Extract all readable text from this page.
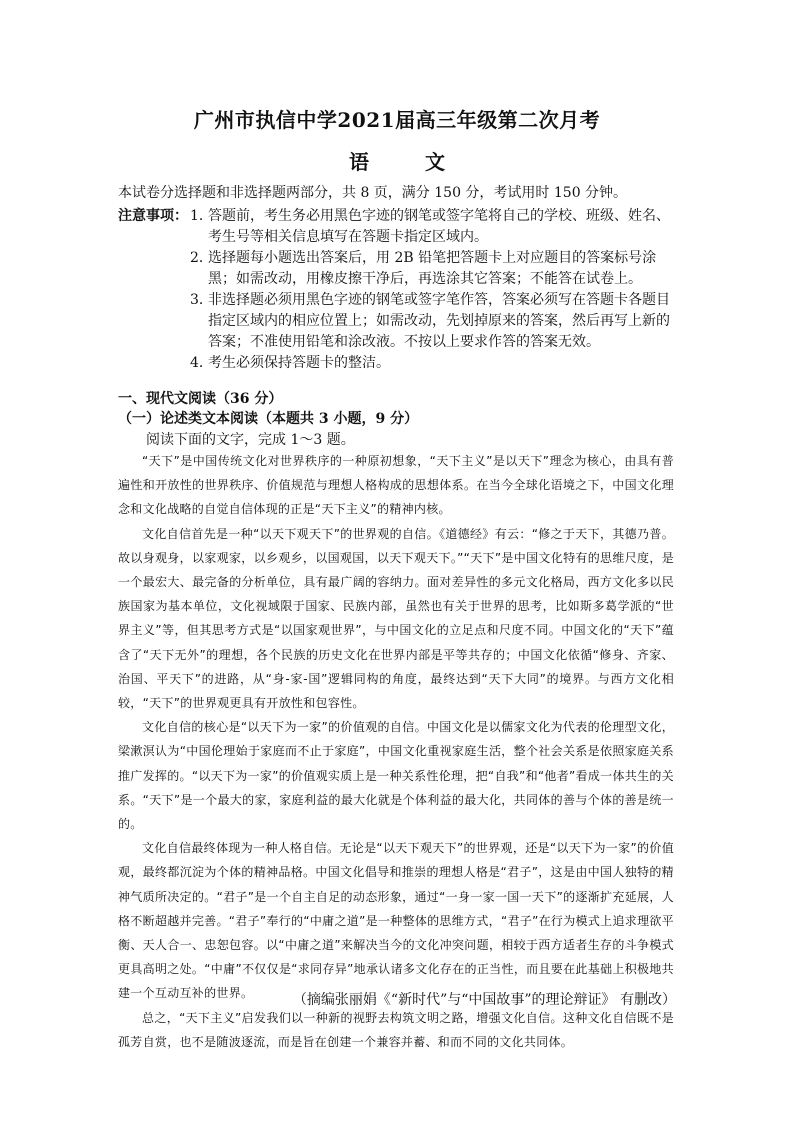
广州市执信中学2021届高三年级第二次月考
语　文
本试卷分选择题和非选择题两部分，共 8 页，满分 150 分，考试用时 150 分钟。
注意事项： 1．
答题前，考生务必用黑色字迹的钢笔或签字笔将自己的学校、班级、姓名、考生号等相关信息填写在答题卡指定区域内。
2．
选择题每小题选出答案后，用 2B 铅笔把答题卡上对应题目的答案标号涂黑；如需改动，用橡皮擦干净后，再选涂其它答案；不能答在试卷上。
3．
非选择题必须用黑色字迹的钢笔或签字笔作答，答案必须写在答题卡各题目指定区域内的相应位置上；如需改动，先划掉原来的答案，然后再写上新的答案；不准使用铅笔和涂改液。不按以上要求作答的答案无效。
4．
考生必须保持答题卡的整洁。
一、现代文阅读（36 分）
（一）论述类文本阅读（本题共 3 小题，9 分）
阅读下面的文字，完成 1～3 题。

“天下”是中国传统文化对世界秩序的一种原初想象，“天下主义”是以天下”理念为核心，由具有普遍性和开放性的世界秩序、价值规范与理想人格构成的思想体系。在当今全球化语境之下，中国文化理念和文化战略的自觉自信体现的正是“天下主义”的精神内核。

文化自信首先是一种“以天下观天下”的世界观的自信。《道德经》有云：“修之于天下，其德乃普。故以身观身，以家观家，以乡观乡，以国观国，以天下观天下。”“天下”是中国文化特有的思维尺度，是一个最宏大、最完备的分析单位，具有最广阔的容纳力。面对差异性的多元文化格局，西方文化多以民族国家为基本单位，文化视域限于国家、民族内部，虽然也有关于世界的思考，比如斯多葛学派的“世界主义”等，但其思考方式是“以国家观世界”，与中国文化的立足点和尺度不同。中国文化的“天下”蕴含了“天下无外”的理想，各个民族的历史文化在世界内部是平等共存的；中国文化依循“修身、齐家、治国、平天下”的进路，从“身-家-国”逻辑同构的角度，最终达到“天下大同”的境界。与西方文化相较，“天下”的世界观更具有开放性和包容性。

文化自信的核心是“以天下为一家”的价值观的自信。中国文化是以儒家文化为代表的伦理型文化，梁漱溟认为“中国伦理始于家庭而不止于家庭”，中国文化重视家庭生活，整个社会关系是依照家庭关系推广发挥的。“以天下为一家”的价值观实质上是一种关系性伦理，把“自我”和“他者”看成一体共生的关系。“天下”是一个最大的家，家庭利益的最大化就是个体利益的最大化，共同体的善与个体的善是统一的。

文化自信最终体现为一种人格自信。无论是“以天下观天下”的世界观，还是“以天下为一家”的价值观，最终都沉淀为个体的精神品格。中国文化倡导和推崇的理想人格是“君子”，这是由中国人独特的精神气质所决定的。“君子”是一个自主自足的动态形象，通过“一身一家一国一天下”的逐渐扩充延展，人格不断超越并完善。“君子”奉行的“中庸之道”是一种整体的思维方式，“君子”在行为模式上追求理欲平衡、天人合一、忠恕包容。以“中庸之道”来解决当今的文化冲突问题，相较于西方适者生存的斗争模式更具高明之处。“中庸”不仅仅是“求同存异”地承认诸多文化存在的正当性，而且要在此基础上积极地共建一个互动互补的世界。

总之，“天下主义”启发我们以一种新的视野去构筑文明之路，增强文化自信。这种文化自信既不是孤芳自赏，也不是随波逐流，而是旨在创建一个兼容并蓄、和而不同的文化共同体。

（摘编张丽娟《“新时代”与“中国故事”的理论辩证》 有删改）
